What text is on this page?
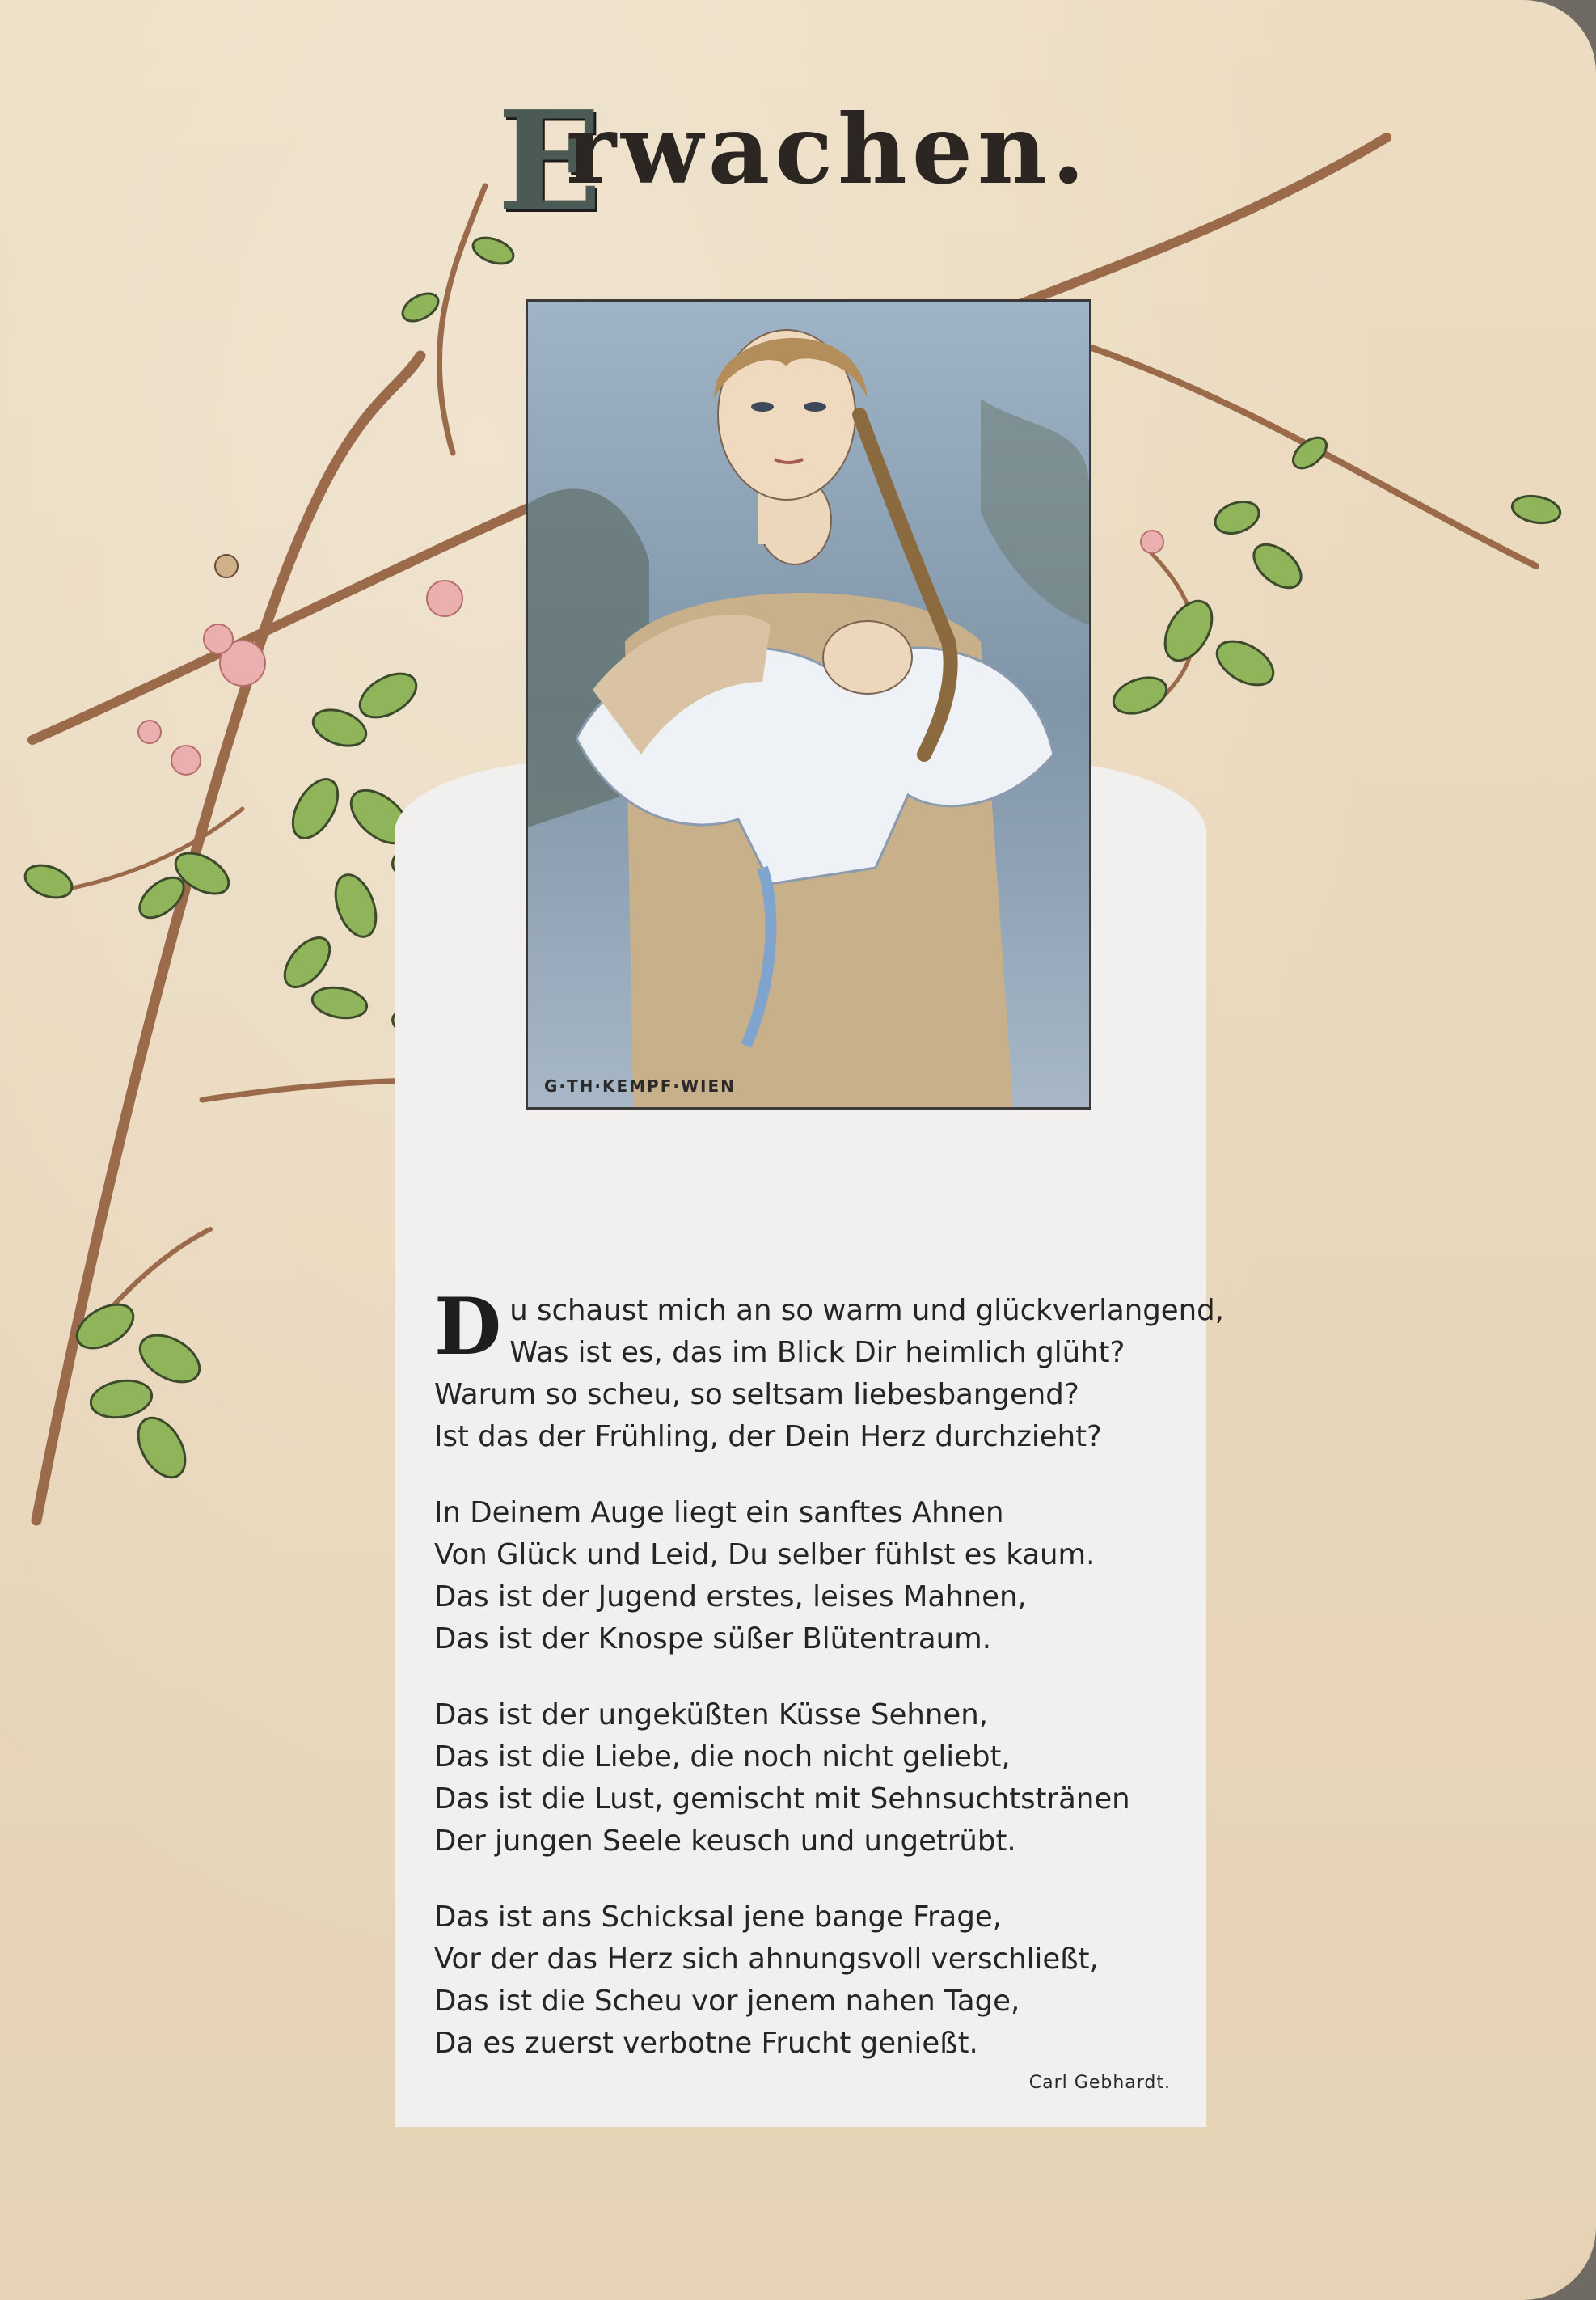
E
rwachen.
Carl Gebhardt.
G·TH·KEMPF·WIEN
Du schaust mich an so warm und glückverlangend,
Was ist es, das im Blick Dir heimlich glüht?
Warum so scheu, so seltsam liebesbangend?
Ist das der Frühling, der Dein Herz durchzieht?
In Deinem Auge liegt ein sanftes Ahnen
Von Glück und Leid, Du selber fühlst es kaum.
Das ist der Jugend erstes, leises Mahnen,
Das ist der Knospe süßer Blütentraum.
Das ist der ungeküßten Küsse Sehnen,
Das ist die Liebe, die noch nicht geliebt,
Das ist die Lust, gemischt mit Sehnsuchtstränen
Der jungen Seele keusch und ungetrübt.
Das ist ans Schicksal jene bange Frage,
Vor der das Herz sich ahnungsvoll verschließt,
Das ist die Scheu vor jenem nahen Tage,
Da es zuerst verbotne Frucht genießt.
